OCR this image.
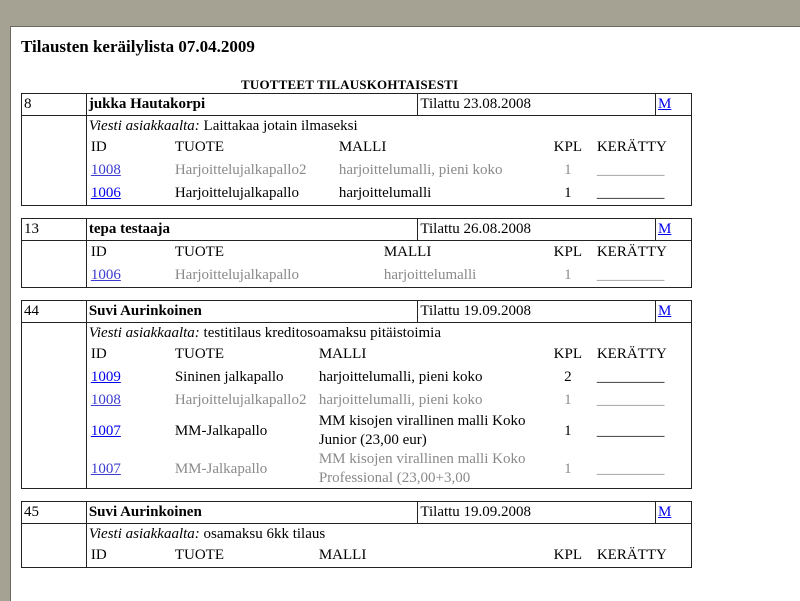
Tilausten keräilylista 07.04.2009
TUOTTEET TILAUSKOHTAISESTI
8	jukka Hautakorpi	Tilattu 23.08.2008	M

Viesti asiakkaalta: Laittakaa jotain ilmaseksi
ID	TUOTE	MALLI	KPL	KERÄTTY
1008	Harjoittelujalkapallo2	harjoittelumalli, pieni koko	1	_________
1006	Harjoittelujalkapallo	harjoittelumalli	1	_________

13	tepa testaaja	Tilattu 26.08.2008	M

ID	TUOTE	MALLI	KPL	KERÄTTY
1006	Harjoittelujalkapallo	harjoittelumalli	1	_________

44	Suvi Aurinkoinen	Tilattu 19.09.2008	M

Viesti asiakkaalta: testitilaus kreditosoamaksu pitäistoimia
ID	TUOTE	MALLI	KPL	KERÄTTY
1009	Sininen jalkapallo	harjoittelumalli, pieni koko	2	_________
1008	Harjoittelujalkapallo2	harjoittelumalli, pieni koko	1	_________
1007	MM-Jalkapallo	MM kisojen virallinen malli Koko Junior (23,00 eur)	1	_________
1007	MM-Jalkapallo	MM kisojen virallinen malli Koko Professional (23,00+3,00	1	_________

45	Suvi Aurinkoinen	Tilattu 19.09.2008	M

Viesti asiakkaalta: osamaksu 6kk tilaus
ID	TUOTE	MALLI	KPL	KERÄTTY
